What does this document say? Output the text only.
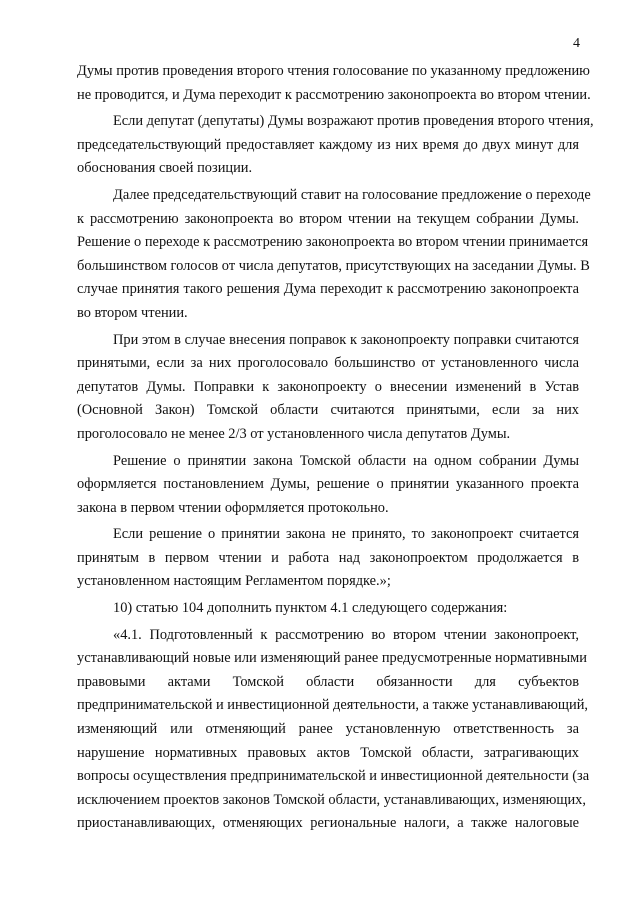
4
Думы против проведения второго чтения голосование по указанному предложению
не проводится, и Дума переходит к рассмотрению законопроекта во втором чтении.
Если депутат (депутаты) Думы возражают против проведения второго чтения,
председательствующий предоставляет каждому из них время до двух минут для
обоснования своей позиции.
Далее председательствующий ставит на голосование предложение о переходе
к рассмотрению законопроекта во втором чтении на текущем собрании Думы.
Решение о переходе к рассмотрению законопроекта во втором чтении принимается
большинством голосов от числа депутатов, присутствующих на заседании Думы. В
случае принятия такого решения Дума переходит к рассмотрению законопроекта
во втором чтении.
При этом в случае внесения поправок к законопроекту поправки считаются
принятыми, если за них проголосовало большинство от установленного числа
депутатов Думы. Поправки к законопроекту о внесении изменений в Устав
(Основной Закон) Томской области считаются принятыми, если за них
проголосовало не менее 2/3 от установленного числа депутатов Думы.
Решение о принятии закона Томской области на одном собрании Думы
оформляется постановлением Думы, решение о принятии указанного проекта
закона в первом чтении оформляется протокольно.
Если решение о принятии закона не принято, то законопроект считается
принятым в первом чтении и работа над законопроектом продолжается в
установленном настоящим Регламентом порядке.»;
10) статью 104 дополнить пунктом 4.1 следующего содержания:
«4.1. Подготовленный к рассмотрению во втором чтении законопроект,
устанавливающий новые или изменяющий ранее предусмотренные нормативными
правовыми актами Томской области обязанности для субъектов
предпринимательской и инвестиционной деятельности, а также устанавливающий,
изменяющий или отменяющий ранее установленную ответственность за
нарушение нормативных правовых актов Томской области, затрагивающих
вопросы осуществления предпринимательской и инвестиционной деятельности (за
исключением проектов законов Томской области, устанавливающих, изменяющих,
приостанавливающих, отменяющих региональные налоги, а также налоговые
